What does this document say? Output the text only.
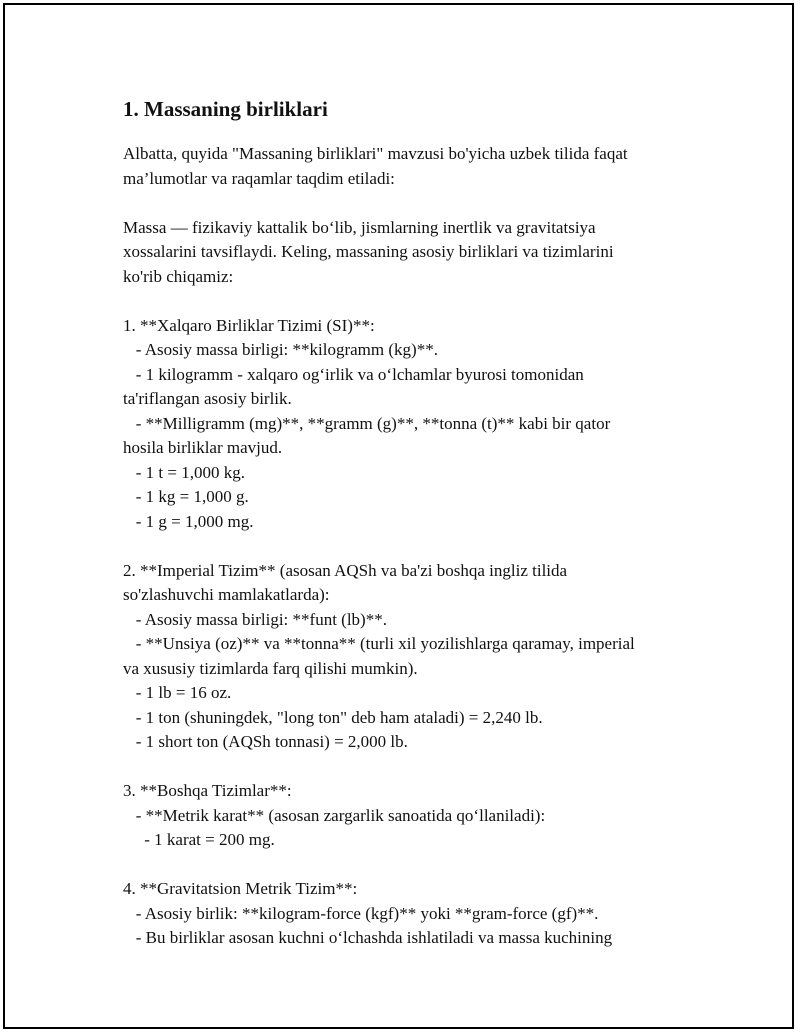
1. Massaning birliklari
Albatta, quyida "Massaning birliklari" mavzusi bo'yicha uzbek tilida faqat
ma’lumotlar va raqamlar taqdim etiladi:
Massa — fizikaviy kattalik bo‘lib, jismlarning inertlik va gravitatsiya
xossalarini tavsiflaydi. Keling, massaning asosiy birliklari va tizimlarini
ko'rib chiqamiz:
1. **Xalqaro Birliklar Tizimi (SI)**:
- Asosiy massa birligi: **kilogramm (kg)**.
- 1 kilogramm - xalqaro og‘irlik va o‘lchamlar byurosi tomonidan
ta'riflangan asosiy birlik.
- **Milligramm (mg)**, **gramm (g)**, **tonna (t)** kabi bir qator
hosila birliklar mavjud.
- 1 t = 1,000 kg.
- 1 kg = 1,000 g.
- 1 g = 1,000 mg.
2. **Imperial Tizim** (asosan AQSh va ba'zi boshqa ingliz tilida
so'zlashuvchi mamlakatlarda):
- Asosiy massa birligi: **funt (lb)**.
- **Unsiya (oz)** va **tonna** (turli xil yozilishlarga qaramay, imperial
va xususiy tizimlarda farq qilishi mumkin).
- 1 lb = 16 oz.
- 1 ton (shuningdek, "long ton" deb ham ataladi) = 2,240 lb.
- 1 short ton (AQSh tonnasi) = 2,000 lb.
3. **Boshqa Tizimlar**:
- **Metrik karat** (asosan zargarlik sanoatida qo‘llaniladi):
- 1 karat = 200 mg.
4. **Gravitatsion Metrik Tizim**:
- Asosiy birlik: **kilogram-force (kgf)** yoki **gram-force (gf)**.
- Bu birliklar asosan kuchni o‘lchashda ishlatiladi va massa kuchining
